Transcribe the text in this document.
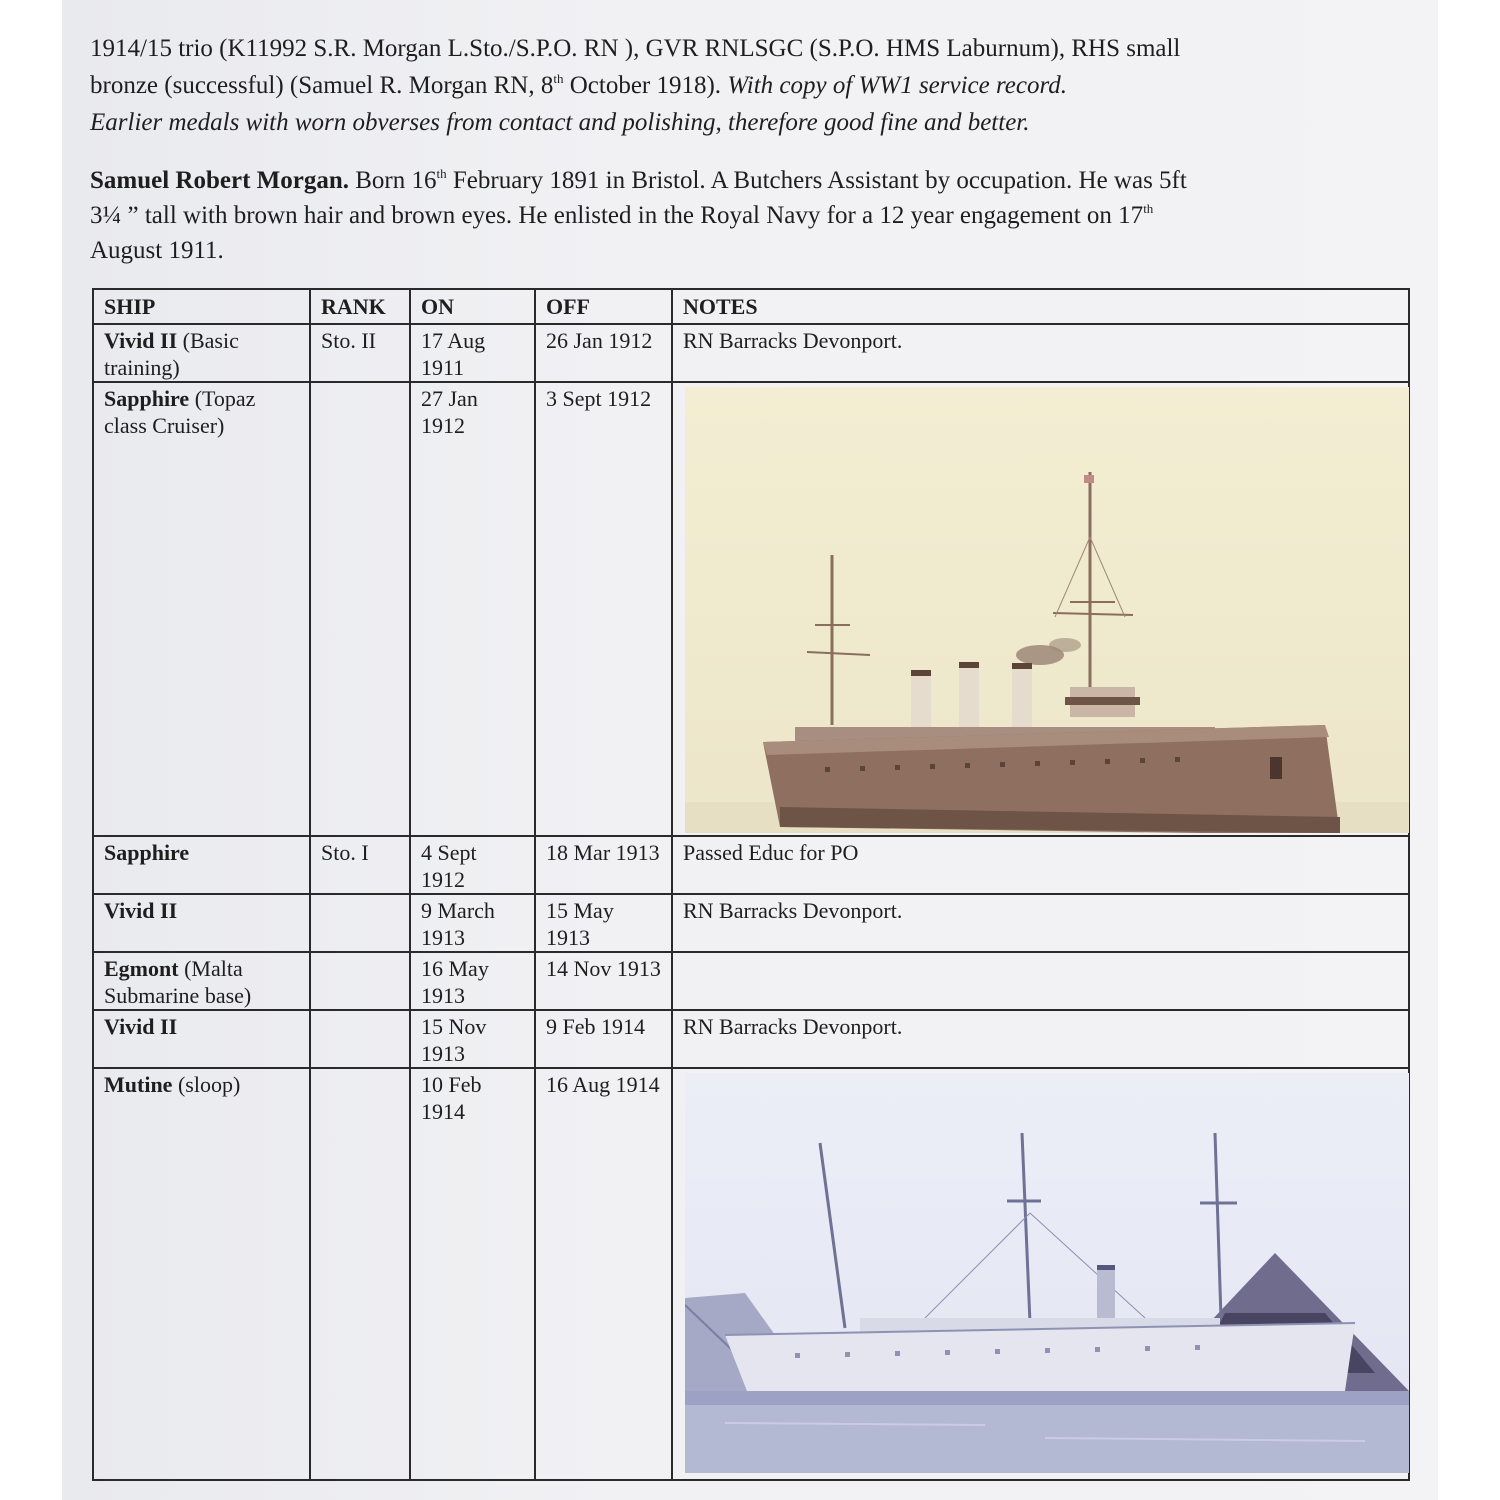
1914/15 trio (K11992 S.R. Morgan L.Sto./S.P.O. RN ), GVR RNLSGC (S.P.O. HMS Laburnum), RHS small
bronze (successful) (Samuel R. Morgan RN, 8th October 1918). With copy of WW1 service record.
Earlier medals with worn obverses from contact and polishing, therefore good fine and better.
Samuel Robert Morgan. Born 16th February 1891 in Bristol. A Butchers Assistant by occupation. He was 5ft
3¼ ” tall with brown hair and brown eyes. He enlisted in the Royal Navy for a 12 year engagement on 17th
August 1911.
SHIP	RANK	ON	OFF	NOTES
Vivid II (Basic training)	Sto. II	17 Aug 1911	26 Jan 1912	RN Barracks Devonport.
Sapphire (Topaz class Cruiser)		27 Jan 1912	3 Sept 1912	

Sapphire	Sto. I	4 Sept 1912	18 Mar 1913	Passed Educ for PO
Vivid II		9 March 1913	15 May 1913	RN Barracks Devonport.
Egmont (Malta Submarine base)		16 May 1913	14 Nov 1913	
Vivid II		15 Nov 1913	9 Feb 1914	RN Barracks Devonport.
Mutine (sloop)		10 Feb 1914	16 Aug 1914	
